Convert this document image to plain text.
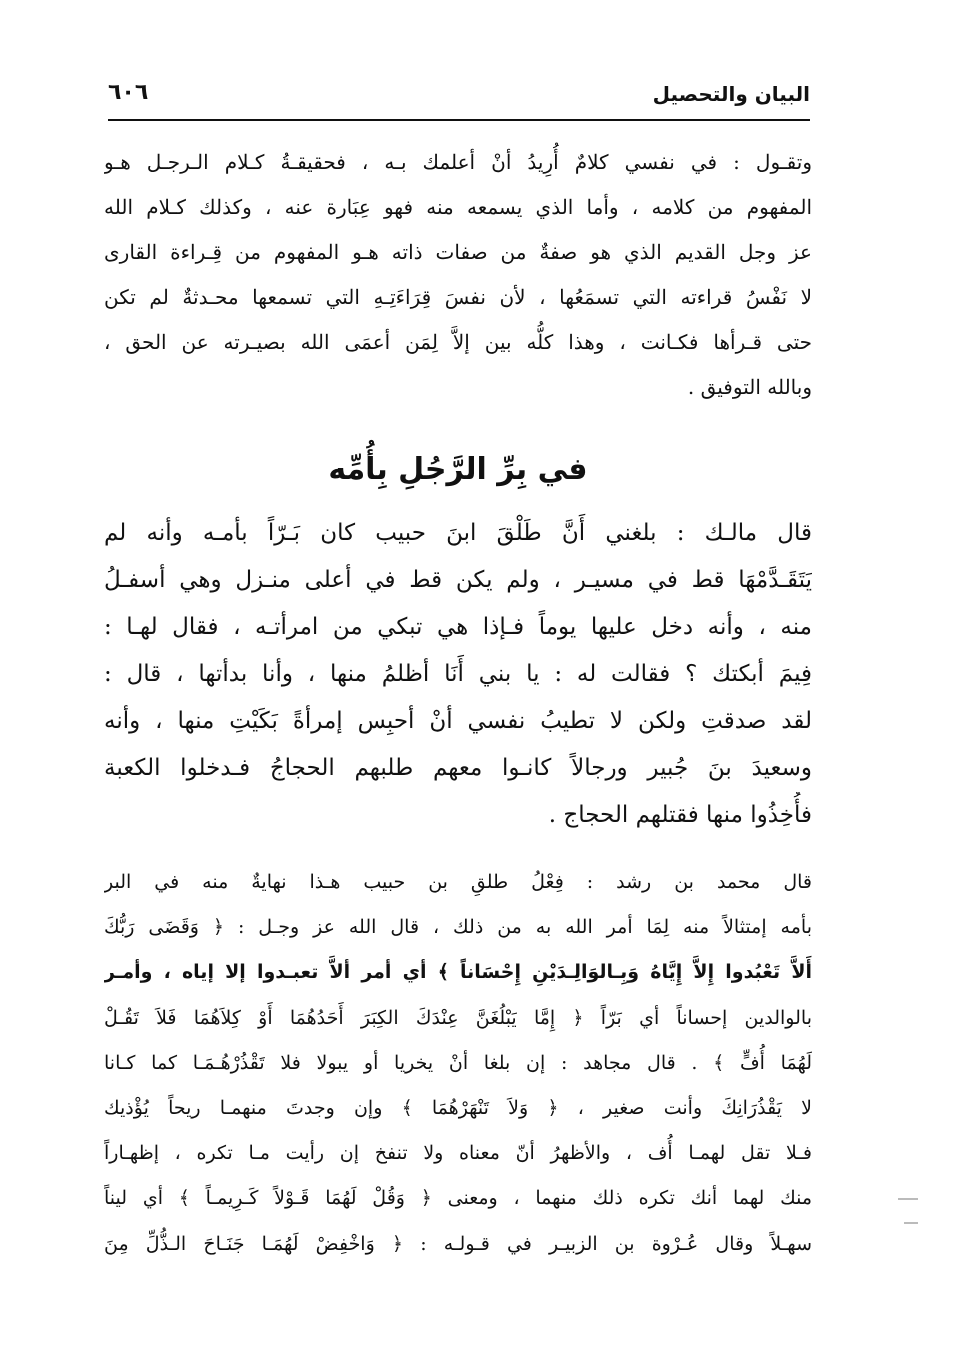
البيان والتحصيل
٦٠٦
وتقـول : في نفسي كلامٌ أُرِيدُ أنْ أعلمك بـه ، فحقيقـةُ كـلام الـرجـل هـو
المفهوم من كلامه ، وأما الذي يسمعه منه فهو عِبَارة عنه ، وكذلك كـلام الله
عز وجل القديم الذي هو صفةٌ من صفات ذاته هـو المفهوم من قِـراءة القارى
لا نَفْسُ قراءته التي تسمَعُها ، لأن نفسَ قِرَاءَتِـهِ التي تسمعها محـدثةٌ لم تكن
حتى قـرأها فكـانت ، وهذا كلُّه بين إلاَّ لِمَن أعمَى الله بصيـرته عن الحق ،
وبالله التوفيق .
في بِرِّ الرَّجُلِ بِأُمِّه
قال مالـك : بلغني أَنَّ طَلْقَ ابنَ حبيب كان بَـرّاً بأمـه وأنه لم
يَتَقَـدَّمْهَا قط في مسيـر ، ولم يكن قط في أعلى منـزل وهي أسفـلُ
منه ، وأنه دخل عليها يوماً فـإذا هي تبكي من امرأتـه ، فقال لهـا :
فِيمَ أبكتك ؟ فقالت له : يا بني أَنَا أظلمُ منها ، وأنا بدأتها ، قال :
لقد صدقتِ ولكن لا تطيبُ نفسي أنْ أحبِس إمرأةً بَكَيْتِ منها ، وأنه
وسعيدَ بنَ جُبير ورجالاً كانـوا معهم طلبهم الحجاجُ فـدخلوا الكعبة
فأُخِذُوا منها فقتلهم الحجاج .
قال محمد بن رشد : فِعْلُ طلقِ بن حبيب هـذا نهايةٌ منه في البر
بأمه إمتثالاً منه لِمَا أمر الله به من ذلك ، قال الله عز وجـل : ﴿ وَقَضَى رَبُّكَ
أَلاَّ تَعْبُدوا إِلاَّ إِيَّاهُ وَبِـالوَالِـدَيْنِ إِحْسَاناً ﴾ أي أمر ألاَّ تعبـدوا إلا إياه ، وأمـر
بالوالدين إحساناً أي بَرّاً ﴿ إِمَّا يَبْلُغَنَّ عِنْدَكَ الكِبَرَ أَحَدُهُمَا أَوْ كِلاَهُمَا فَلاَ تَقُـلْ
لَهُمَا أُفٍّ ﴾ . قال مجاهد : إن بلغا أنْ يخريا أو يبولا فلا تَقْذُرْهُـمَـا كما كـانا
لا يَقْذُرَانِكَ وأنت صغير ، ﴿ وَلاَ تَنْهَرْهُمَا ﴾ وإن وجدتَ منهمـا ريحاً يُؤْذيك
فـلا تقل لهمـا أُف ، والأظهرُ أنّ معناه ولا تنفخ إن رأيت مـا تكره ، إظهـاراً
منك لهما أنك تكره ذلك منهما ، ومعنى ﴿ وَقُلْ لَهُمَا قَـوْلاً كَـرِيمـاً ﴾ أي ليناً
سهـلاً وقال عُـرْوة بن الزبيـر في قـولـه : ﴿ وَاخْفِضْ لَهُمَـا جَنَـاحَ الـذُّلِّ مِنَ
